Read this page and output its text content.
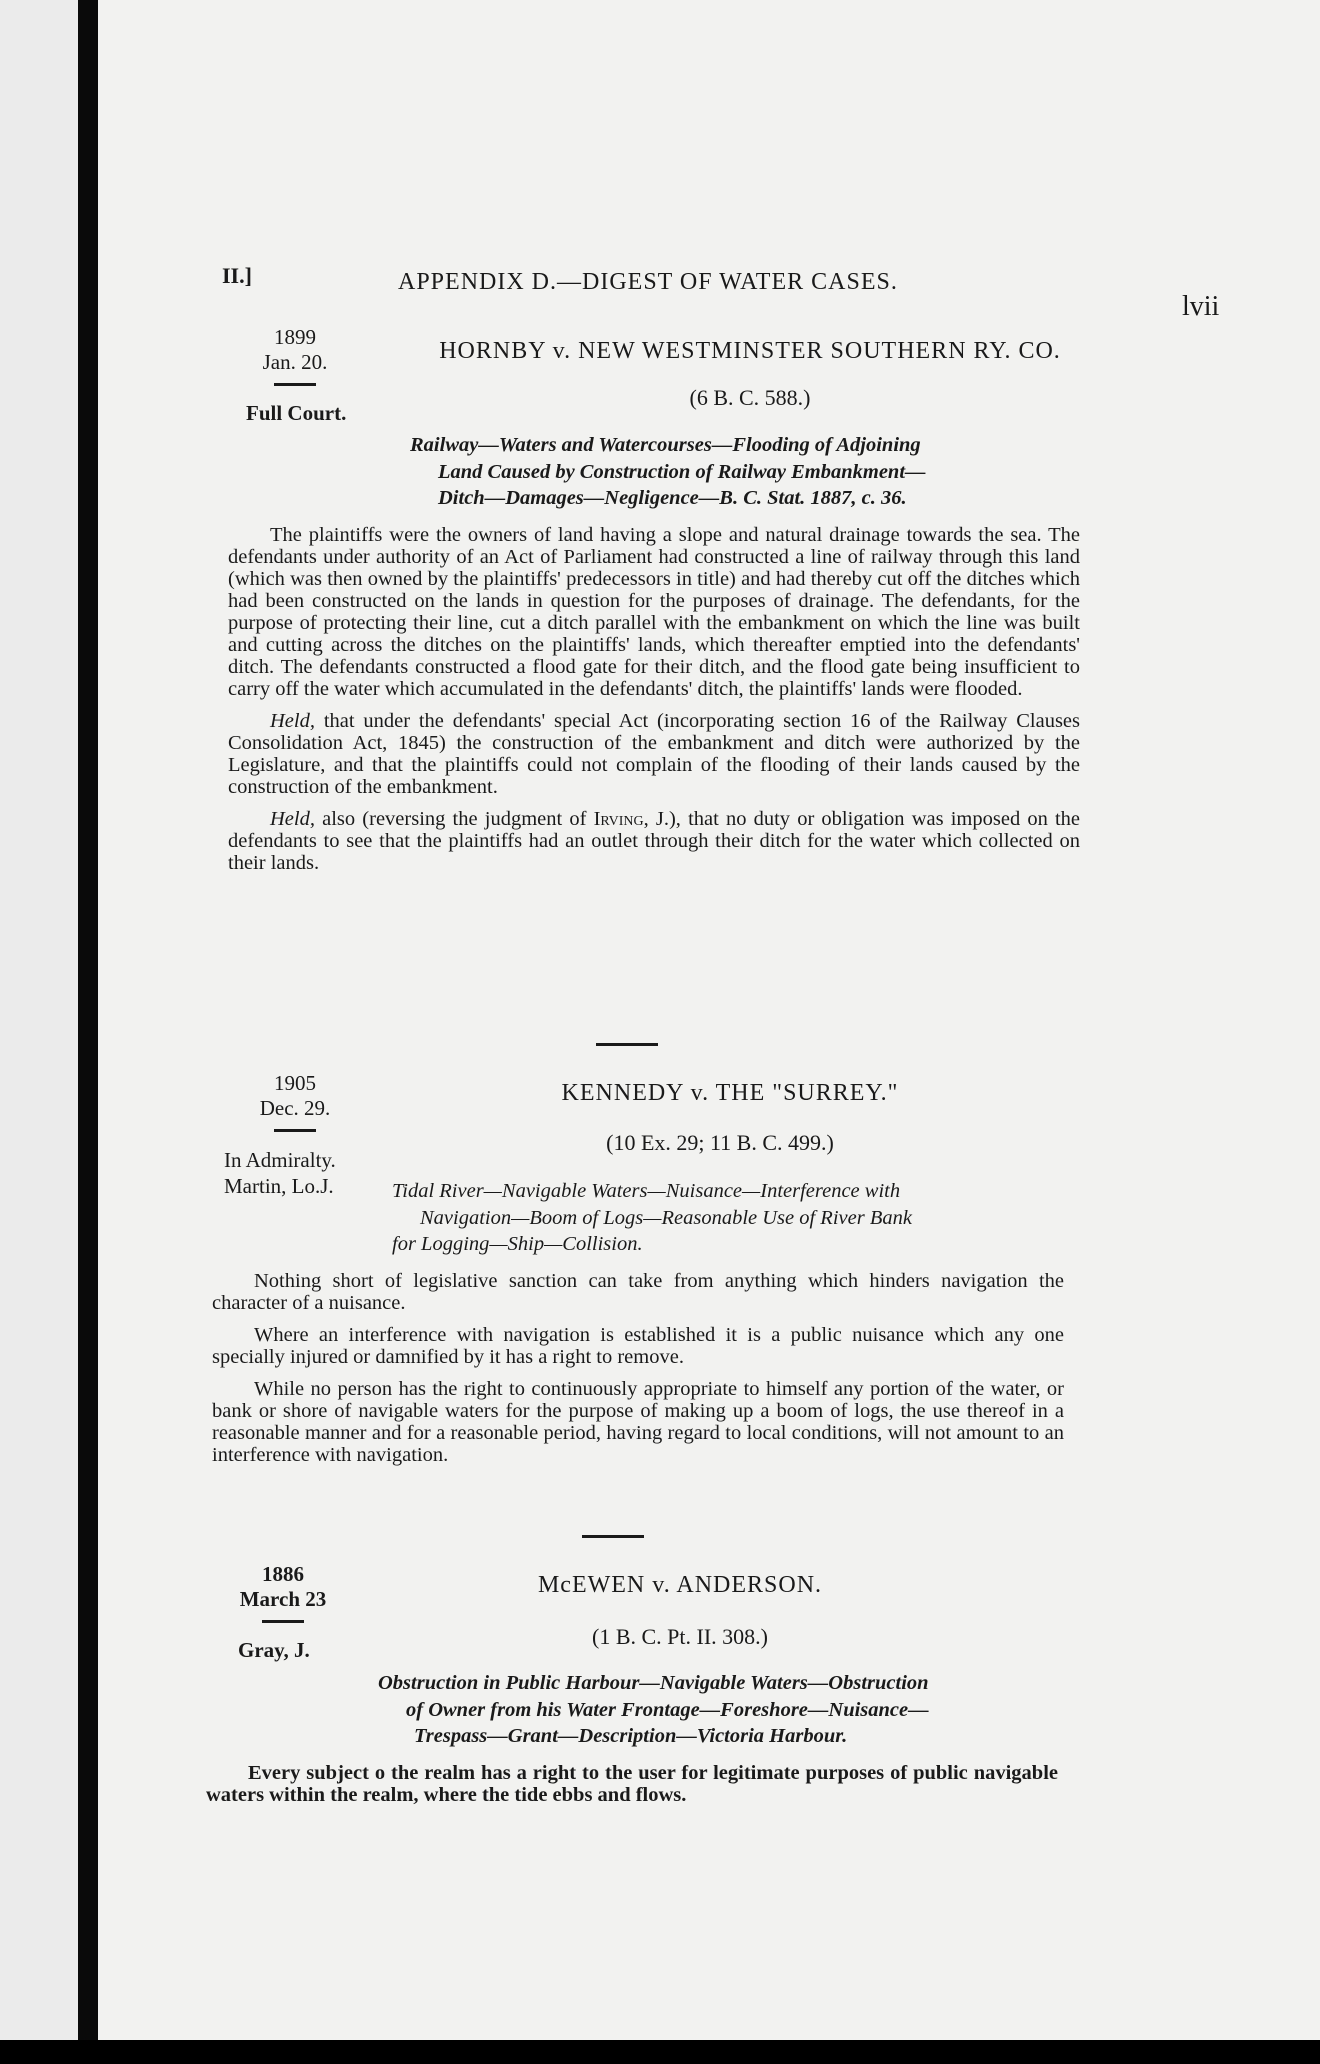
II.]	APPENDIX D.—DIGEST OF WATER CASES.
lvii
1899
Jan. 20.
Full Court.
HORNBY v. NEW WESTMINSTER SOUTHERN RY. CO.
(6 B. C. 588.)
Railway—Waters and Watercourses—Flooding of Adjoining
Land Caused by Construction of Railway Embankment—
Ditch—Damages—Negligence—B. C. Stat. 1887, c. 36.

The plaintiffs were the owners of land having a slope and natural drainage towards the sea. The defendants under authority of an Act of Parliament had constructed a line of railway through this land (which was then owned by the plaintiffs' predecessors in title) and had thereby cut off the ditches which had been constructed on the lands in question for the purposes of drainage. The defendants, for the purpose of protecting their line, cut a ditch parallel with the embankment on which the line was built and cutting across the ditches on the plaintiffs' lands, which thereafter emptied into the defendants' ditch. The defendants constructed a flood gate for their ditch, and the flood gate being insufficient to carry off the water which accumulated in the defendants' ditch, the plaintiffs' lands were flooded.

Held, that under the defendants' special Act (incorporating section 16 of the Railway Clauses Consolidation Act, 1845) the construction of the embankment and ditch were authorized by the Legislature, and that the plaintiffs could not complain of the flooding of their lands caused by the construction of the embankment.

Held, also (reversing the judgment of Irving, J.), that no duty or obligation was imposed on the defendants to see that the plaintiffs had an outlet through their ditch for the water which collected on their lands.

1905
Dec. 29.
In Admiralty.
Martin, Lo.J.
KENNEDY v. THE "SURREY."
(10 Ex. 29; 11 B. C. 499.)
Tidal River—Navigable Waters—Nuisance—Interference with
Navigation—Boom of Logs—Reasonable Use of River Bank
for Logging—Ship—Collision.

Nothing short of legislative sanction can take from anything which hinders navigation the character of a nuisance.

Where an interference with navigation is established it is a public nuisance which any one specially injured or damnified by it has a right to remove.

While no person has the right to continuously appropriate to himself any portion of the water, or bank or shore of navigable waters for the purpose of making up a boom of logs, the use thereof in a reasonable manner and for a reasonable period, having regard to local conditions, will not amount to an interference with navigation.

1886
March 23
Gray, J.
McEWEN v. ANDERSON.
(1 B. C. Pt. II. 308.)
Obstruction in Public Harbour—Navigable Waters—Obstruction
of Owner from his Water Frontage—Foreshore—Nuisance—
Trespass—Grant—Description—Victoria Harbour.

Every subject o the realm has a right to the user for legitimate purposes of public navigable waters within the realm, where the tide ebbs and flows.
